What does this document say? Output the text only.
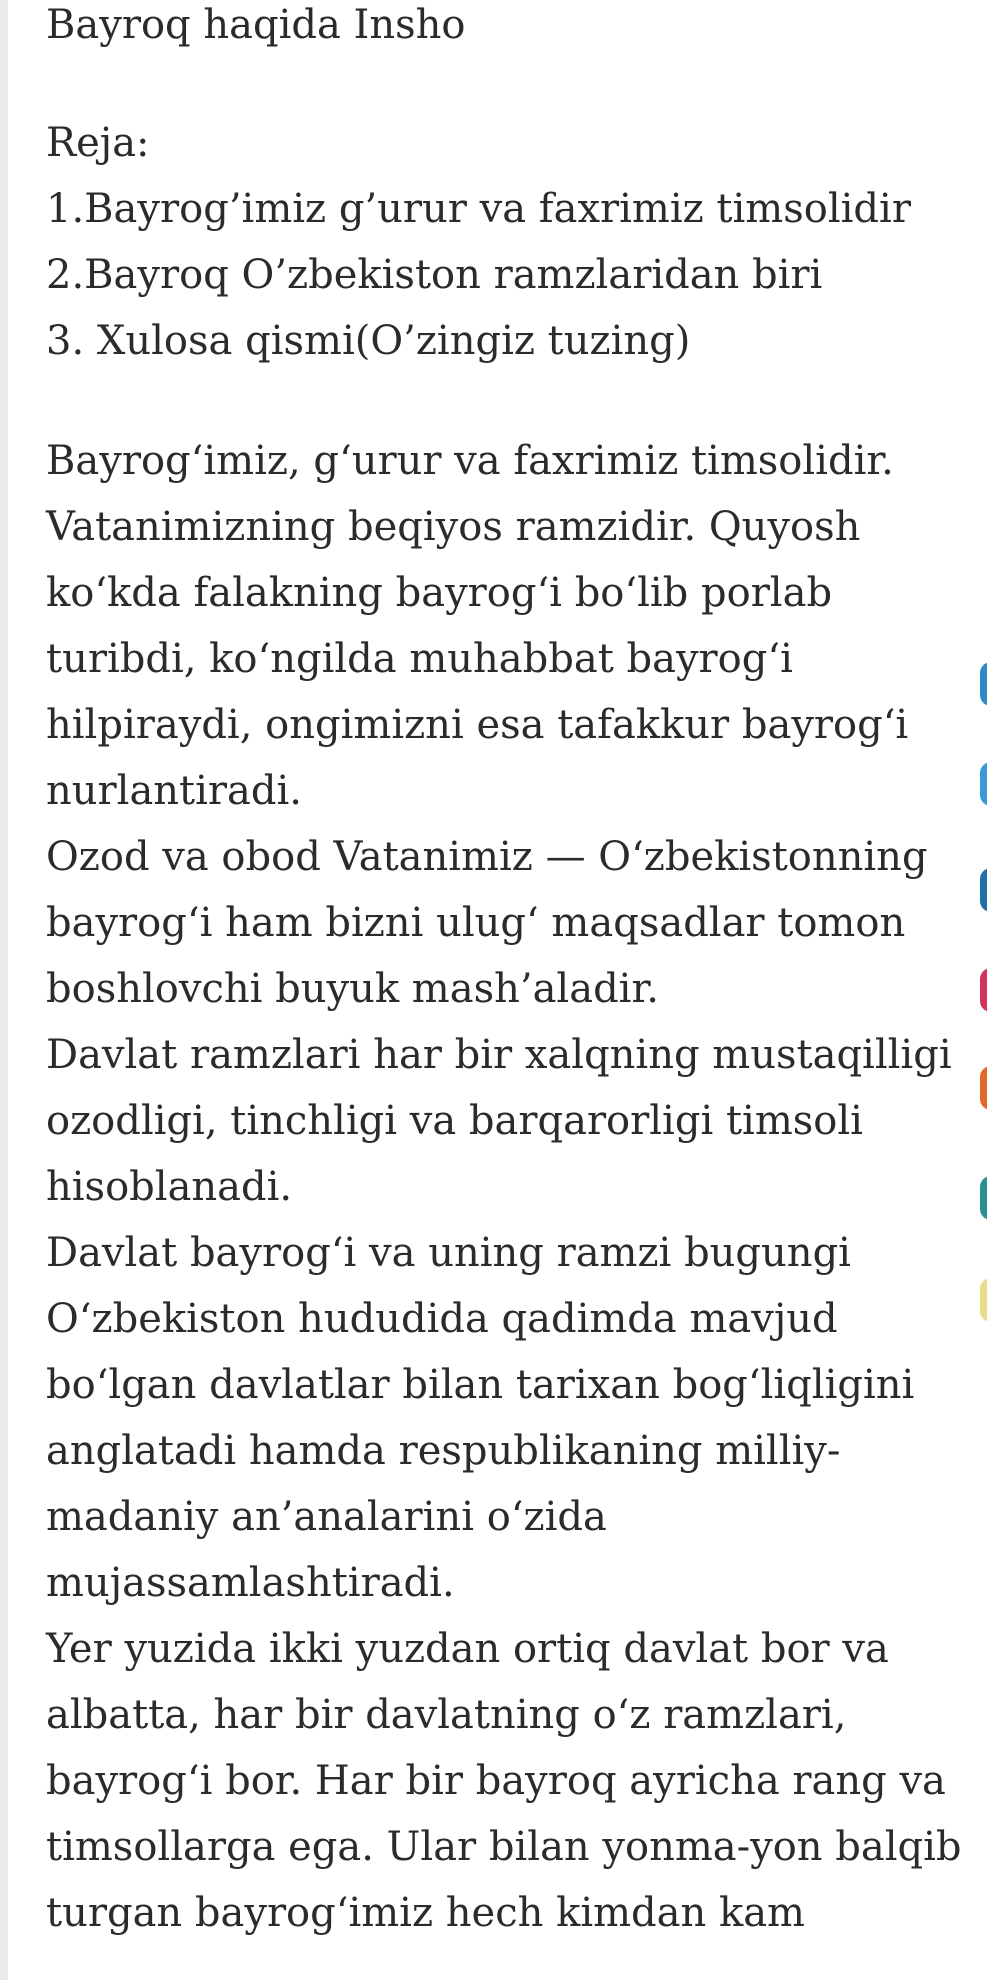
Bayroq haqida Insho
Reja:
1.Bayrog’imiz g’urur va faxrimiz timsolidir
2.Bayroq O’zbekiston ramzlaridan biri
3. Xulosa qismi(O’zingiz tuzing)
Bayrog‘imiz, g‘urur va faxrimiz timsolidir.
Vatanimizning beqiyos ramzidir. Quyosh
ko‘kda falakning bayrog‘i bo‘lib porlab
turibdi, ko‘ngilda muhabbat bayrog‘i
hilpiraydi, ongimizni esa tafakkur bayrog‘i
nurlantiradi.
Ozod va obod Vatanimiz — O‘zbekistonning
bayrog‘i ham bizni ulug‘ maqsadlar tomon
boshlovchi buyuk mash’aladir.
Davlat ramzlari har bir xalqning mustaqilligi
ozodligi, tinchligi va barqarorligi timsoli
hisoblanadi.
Davlat bayrog‘i va uning ramzi bugungi
O‘zbekiston hududida qadimda mavjud
bo‘lgan davlatlar bilan tarixan bog‘liqligini
anglatadi hamda respublikaning milliy-
madaniy an’analarini o‘zida
mujassamlashtiradi.
Yer yuzida ikki yuzdan ortiq davlat bor va
albatta, har bir davlatning o‘z ramzlari,
bayrog‘i bor. Har bir bayroq ayricha rang va
timsollarga ega. Ular bilan yonma-yon balqib
turgan bayrog‘imiz hech kimdan kam
